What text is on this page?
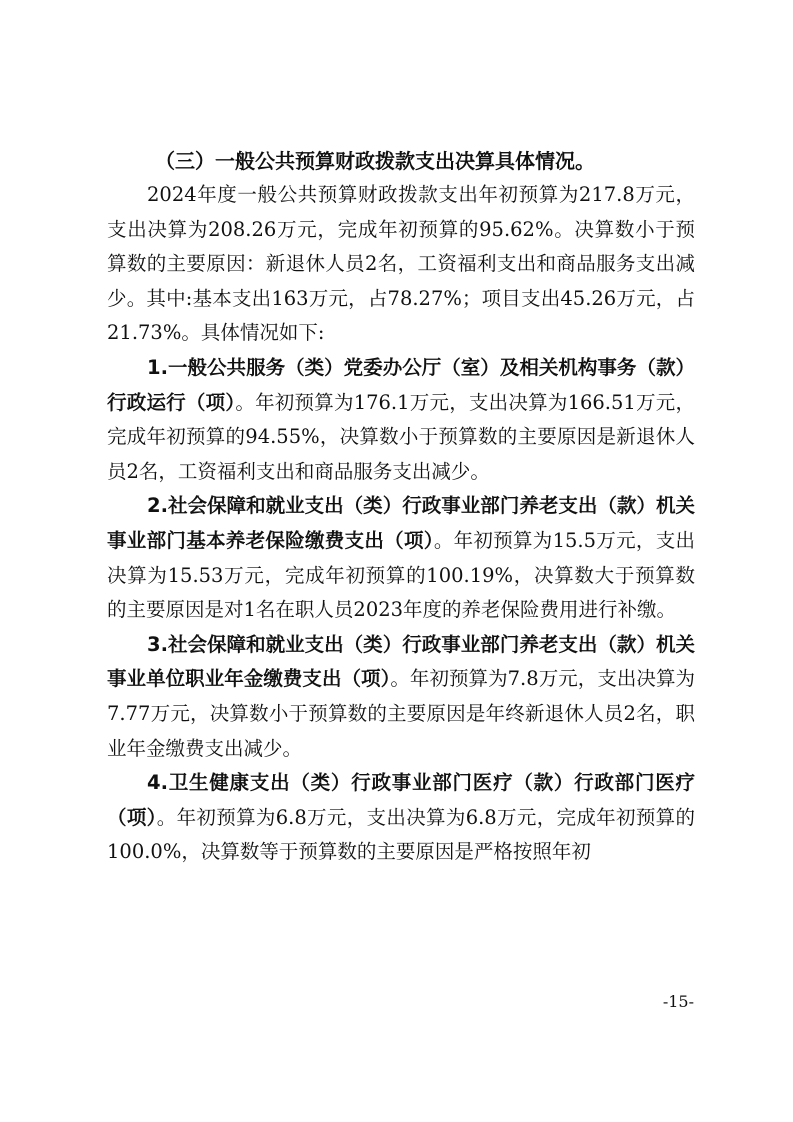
（三）一般公共预算财政拨款支出决算具体情况。

2024年度一般公共预算财政拨款支出年初预算为217.8万元，支出决算为208.26万元，完成年初预算的95.62%。决算数小于预算数的主要原因：新退休人员2名，工资福利支出和商品服务支出减少。其中:基本支出163万元，占78.27%；项目支出45.26万元，占21.73%。具体情况如下:

1.一般公共服务（类）党委办公厅（室）及相关机构事务（款）行政运行（项）。年初预算为176.1万元，支出决算为166.51万元，完成年初预算的94.55%，决算数小于预算数的主要原因是新退休人员2名，工资福利支出和商品服务支出减少。

2.社会保障和就业支出（类）行政事业部门养老支出（款）机关事业部门基本养老保险缴费支出（项）。年初预算为15.5万元，支出决算为15.53万元，完成年初预算的100.19%，决算数大于预算数的主要原因是对1名在职人员2023年度的养老保险费用进行补缴。

3.社会保障和就业支出（类）行政事业部门养老支出（款）机关事业单位职业年金缴费支出（项）。年初预算为7.8万元，支出决算为7.77万元，决算数小于预算数的主要原因是年终新退休人员2名，职业年金缴费支出减少。

4.卫生健康支出（类）行政事业部门医疗（款）行政部门医疗（项）。年初预算为6.8万元，支出决算为6.8万元，完成年初预算的100.0%，决算数等于预算数的主要原因是严格按照年初

-15-
